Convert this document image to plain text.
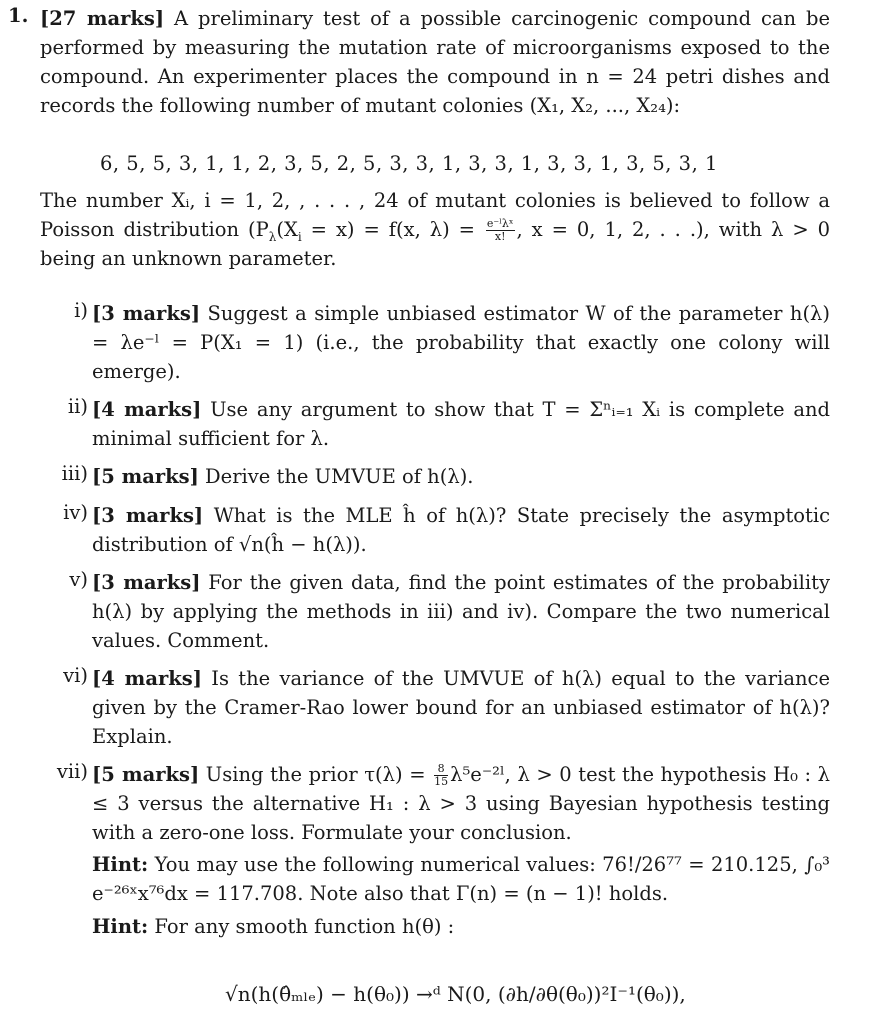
1. [27 marks] A preliminary test of a possible carcinogenic compound can be performed by measuring the mutation rate of microorganisms exposed to the compound. An experimenter places the compound in n = 24 petri dishes and records the following number of mutant colonies (X₁, X₂, ..., X₂₄):
6, 5, 5, 3, 1, 1, 2, 3, 5, 2, 5, 3, 3, 1, 3, 3, 1, 3, 3, 1, 3, 5, 3, 1
The number Xᵢ, i = 1, 2, , . . . , 24 of mutant colonies is believed to follow a Poisson distribution ($P_\lambda(X_i = x) = f(x$, $\lambda) = \frac{\text{e⁻ˡλˣ}}{x!}$ , x = 0, 1, 2, . . .), with λ > 0 being an unknown parameter.
i) [3 marks] Suggest a simple unbiased estimator W of the parameter h(λ) = λe⁻ˡ = P(X₁ = 1) (i.e., the probability that exactly one colony will emerge).
ii) [4 marks] Use any argument to show that T = Σⁿᵢ₌₁ Xᵢ is complete and minimal sufficient for λ.
iii) [5 marks] Derive the UMVUE of h(λ).
iv) [3 marks] What is the MLE ĥ of h(λ)? State precisely the asymptotic distribution of √n(ĥ − h(λ)).
v) [3 marks] For the given data, find the point estimates of the probability h(λ) by applying the methods in iii) and iv). Compare the two numerical values. Comment.
vi) [4 marks] Is the variance of the UMVUE of h(λ) equal to the variance given by the Cramer-Rao lower bound for an unbiased estimator of h(λ)? Explain.
vii) [5 marks] Using the prior $\tau(\lambda) = \frac{8}{15}$ λ⁵e⁻²ˡ, λ > 0 test the hypothesis H₀ : λ ≤ 3 versus the alternative H₁ : λ > 3 using Bayesian hypothesis testing with a zero-one loss. Formulate your conclusion.
Hint: You may use the following numerical values: 76!/26⁷⁷ = 210.125, ∫₀³ e⁻²⁶ˣx⁷⁶dx = 117.708. Note also that Γ(n) = (n − 1)! holds.
Hint: For any smooth function h(θ) :
√n(h(θ̂ₘₗₑ) − h(θ₀)) →ᵈ N(0, (∂h/∂θ(θ₀))²I⁻¹(θ₀)),
